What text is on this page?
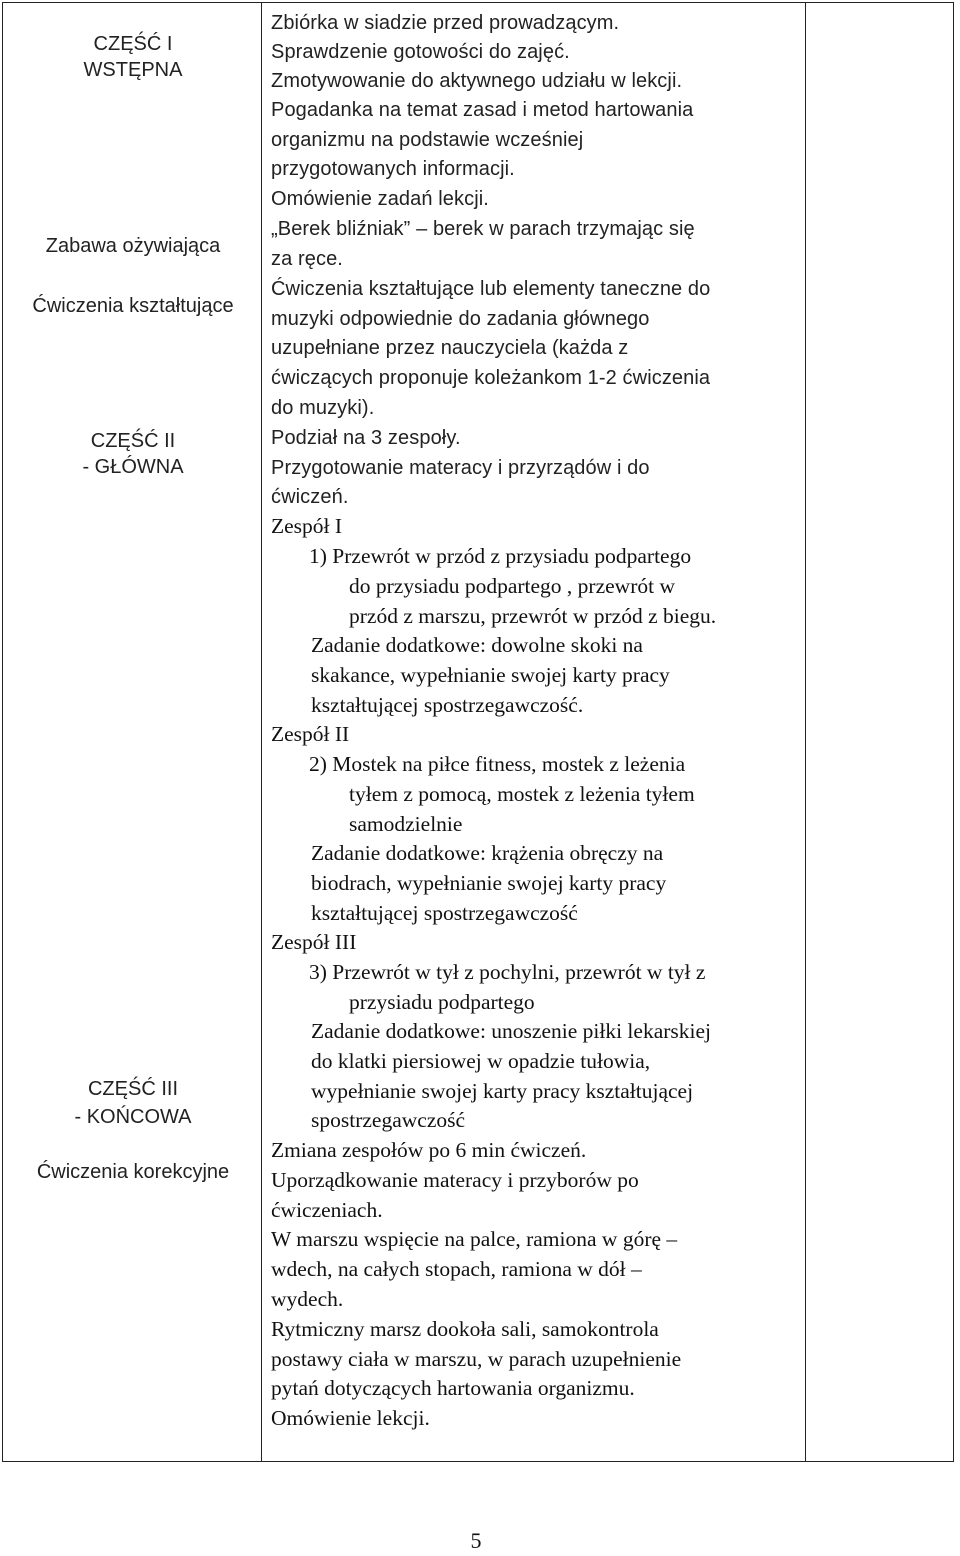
CZĘŚĆ I
WSTĘPNA
Zabawa ożywiająca
Ćwiczenia kształtujące
CZĘŚĆ II
- GŁÓWNA
CZĘŚĆ III
- KOŃCOWA
Ćwiczenia korekcyjne
Zbiórka w siadzie przed prowadzącym.
Sprawdzenie gotowości do zajęć.
Zmotywowanie do aktywnego udziału w lekcji.
Pogadanka na temat zasad i metod hartowania
organizmu na podstawie wcześniej
przygotowanych informacji.
Omówienie zadań lekcji.
„Berek bliźniak” – berek w parach trzymając się
za ręce.
Ćwiczenia kształtujące lub elementy taneczne do
muzyki odpowiednie do zadania głównego
uzupełniane przez nauczyciela (każda z
ćwiczących proponuje koleżankom 1-2 ćwiczenia
do muzyki).
Podział na 3 zespoły.
Przygotowanie materacy i przyrządów i do
ćwiczeń.
Zespół I
1) Przewrót w przód z przysiadu podpartego
do przysiadu podpartego , przewrót w
przód z marszu, przewrót w przód z biegu.
Zadanie dodatkowe: dowolne skoki na
skakance, wypełnianie swojej karty pracy
kształtującej spostrzegawczość.
Zespół II
2) Mostek na piłce fitness, mostek z leżenia
tyłem z pomocą, mostek z leżenia tyłem
samodzielnie
Zadanie dodatkowe: krążenia obręczy na
biodrach, wypełnianie swojej karty pracy
kształtującej spostrzegawczość
Zespół III
3) Przewrót w tył z pochylni, przewrót w tył z
przysiadu podpartego
Zadanie dodatkowe: unoszenie piłki lekarskiej
do klatki piersiowej w opadzie tułowia,
wypełnianie swojej karty pracy kształtującej
spostrzegawczość
Zmiana zespołów po 6 min ćwiczeń.
Uporządkowanie materacy i przyborów po
ćwiczeniach.
W marszu wspięcie na palce, ramiona w górę –
wdech, na całych stopach, ramiona w dół –
wydech.
Rytmiczny marsz dookoła sali, samokontrola
postawy ciała w marszu, w parach uzupełnienie
pytań dotyczących hartowania organizmu.
Omówienie lekcji.
5
